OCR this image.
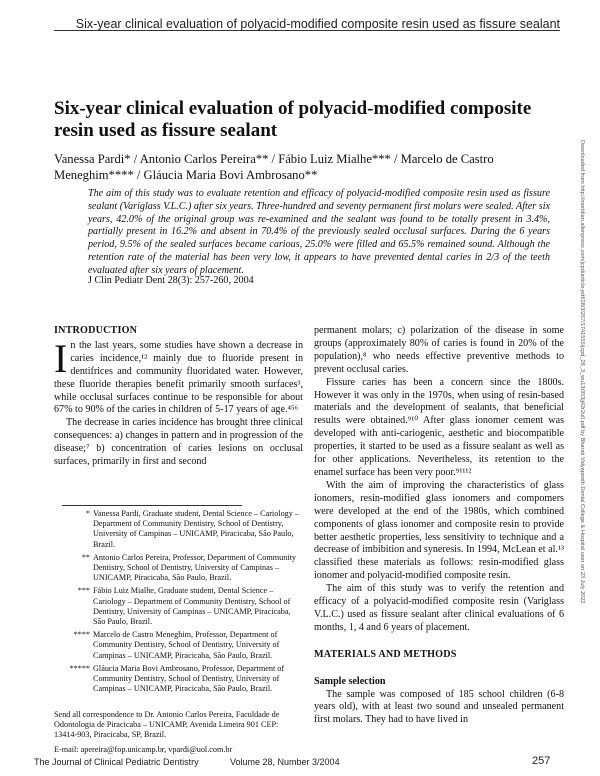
Six-year clinical evaluation of polyacid-modified composite resin used as fissure sealant
Six-year clinical evaluation of polyacid-modified composite
resin used as fissure sealant
Vanessa Pardi* / Antonio Carlos Pereira** / Fábio Luiz Mialhe*** / Marcelo de Castro
Meneghim**** / Gláucia Maria Bovi Ambrosano**

The aim of this study was to evaluate retention and efficacy of polyacid-modified composite resin used as fissure sealant (Variglass V.L.C.) after six years. Three-hundred and seventy permanent first molars were sealed. After six years, 42.0% of the original group was re-examined and the sealant was found to be totally present in 3.4%, partially present in 16.2% and absent in 70.4% of the previously sealed occlusal surfaces. During the 6 years period, 9.5% of the sealed surfaces became carious, 25.0% were filled and 65.5% remained sound. Although the retention rate of the material has been very low, it appears to have prevented dental caries in 2/3 of the teeth evaluated after six years of placement.

J Clin Pediatr Dent 28(3): 257-260, 2004
INTRODUCTION

In the last years, some studies have shown a decrease in caries incidence,¹² mainly due to fluoride present in dentifrices and community fluoridated water. However, these fluoride therapies benefit primarily smooth surfaces³, while occlusal surfaces continue to be responsible for about 67% to 90% of the caries in children of 5-17 years of age.⁴⁵⁶

The decrease in caries incidence has brought three clinical consequences: a) changes in pattern and in progression of the disease;⁷ b) concentration of caries lesions on occlusal surfaces, primarily in first and second

* Vanessa Pardi, Graduate student, Dental Science – Cariology – Department of Community Dentistry, School of Dentistry, University of Campinas – UNICAMP, Piracicaba, São Paulo, Brazil.
** Antonio Carlos Pereira, Professor, Department of Community Dentistry, School of Dentistry, University of Campinas – UNICAMP, Piracicaba, São Paulo, Brazil.
*** Fábio Luiz Mialhe, Graduate student, Dental Science – Cariology – Department of Community Dentistry, School of Dentistry, University of Campinas – UNICAMP, Piracicaba, São Paulo, Brazil.
**** Marcelo de Castro Meneghim, Professor, Department of Community Dentistry, School of Dentistry, University of Campinas – UNICAMP, Piracicaba, São Paulo, Brazil.
***** Gláucia Maria Bovi Ambrosano, Professor, Department of Community Dentistry, School of Dentistry, University of Campinas – UNICAMP, Piracicaba, São Paulo, Brazil.
Send all correspondence to Dr. Antonio Carlos Pereira, Faculdade de Odontologia de Piracicaba – UNICAMP, Avenida Limeira 901 CEP: 13414-903, Piracicaba, SP, Brazil.
E-mail: apereira@fop.unicamp.br, vpardi@uol.com.br

permanent molars; c) polarization of the disease in some groups (approximately 80% of caries is found in 20% of the population),⁸ who needs effective preventive methods to prevent occlusal caries.

Fissure caries has been a concern since the 1800s. However it was only in the 1970s, when using of resin-based materials and the development of sealants, that beneficial results were obtained.⁹¹⁰ After glass ionomer cement was developed with anti-cariogenic, aesthetic and biocompatible properties, it started to be used as a fissure sealant as well as for other applications. Nevertheless, its retention to the enamel surface has been very poor.⁹¹¹¹²

With the aim of improving the characteristics of glass ionomers, resin-modified glass ionomers and compomers were developed at the end of the 1980s, which combined components of glass ionomer and composite resin to provide better aesthetic properties, less sensitivity to technique and a decrease of imbibition and syneresis. In 1994, McLean et al.¹³ classified these materials as follows: resin-modified glass ionomer and polyacid-modified composite resin.

The aim of this study was to verify the retention and efficacy of a polyacid-modified composite resin (Variglass V.L.C.) used as fissure sealant after clinical evaluations of 6 months, 1, 4 and 6 years of placement.

MATERIALS AND METHODS
Sample selection

The sample was composed of 185 school children (6-8 years old), with at least two sound and unsealed permanent first molars. They had to have lived in

The Journal of Clinical Pediatric Dentistry	Volume 28, Number 3/2004	257
Downloaded from http://meridian.allenpress.com/jcpd/article-pdf/28/3/257/1741555/jcpd_28_3_wu13t353jj42r2u0.pdf by Bharati Vidyapeeth Dental College & Hospital user on 23 July 2022
